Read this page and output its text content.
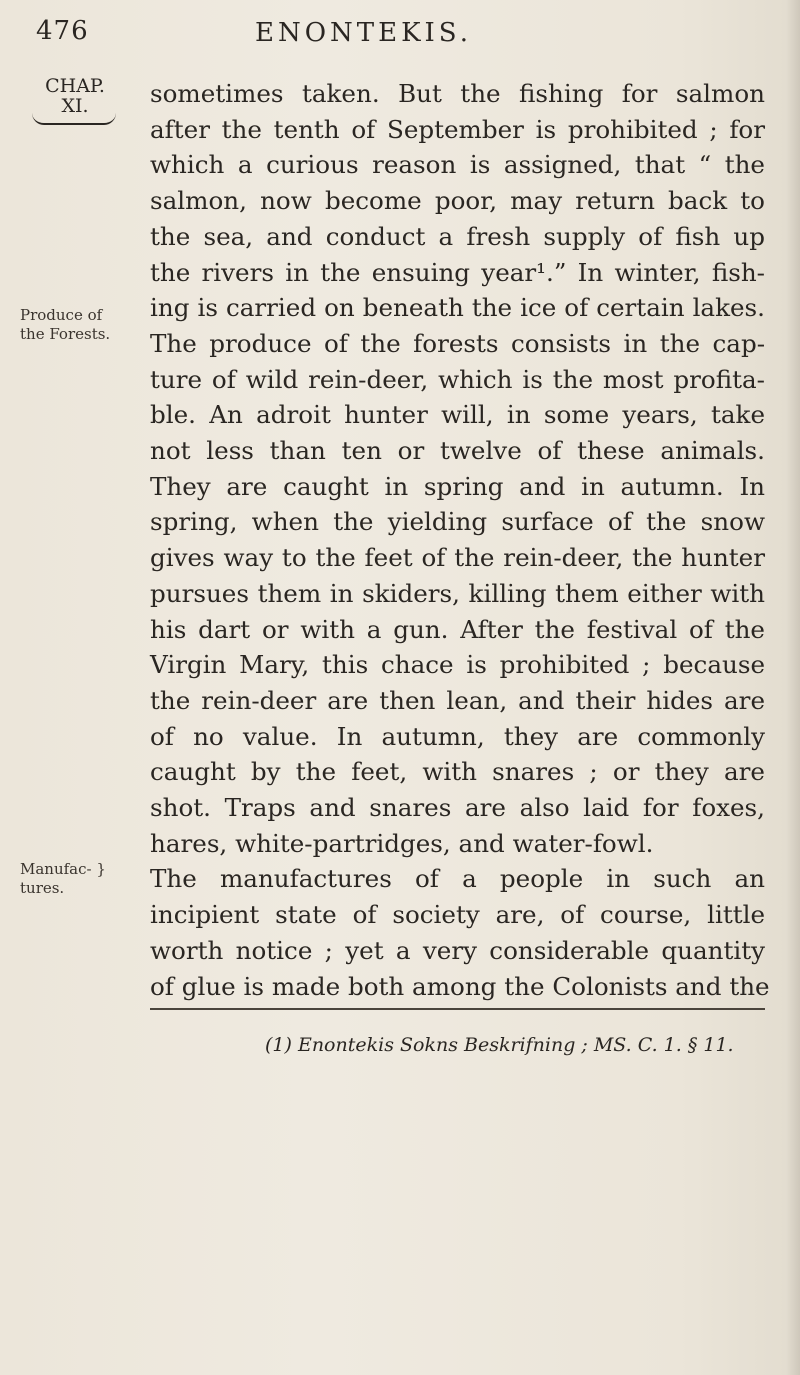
476	ENONTEKIS.
CHAP.
XI.
Produce of
the Forests.
Manufac- }
tures.
sometimes taken. But the fishing for salmon
after the tenth of September is prohibited ; for
which a curious reason is assigned, that “ the
salmon, now become poor, may return back to
the sea, and conduct a fresh supply of fish up
the rivers in the ensuing year¹.” In winter, fish-
ing is carried on beneath the ice of certain lakes.
The produce of the forests consists in the cap-
ture of wild rein-deer, which is the most profita-
ble. An adroit hunter will, in some years, take
not less than ten or twelve of these animals.
They are caught in spring and in autumn. In
spring, when the yielding surface of the snow
gives way to the feet of the rein-deer, the hunter
pursues them in skiders, killing them either with
his dart or with a gun. After the festival of the
Virgin Mary, this chace is prohibited ; because
the rein-deer are then lean, and their hides are
of no value. In autumn, they are commonly
caught by the feet, with snares ; or they are
shot. Traps and snares are also laid for foxes,
hares, white-partridges, and water-fowl.
The manufactures of a people in such an
incipient state of society are, of course, little
worth notice ; yet a very considerable quantity
of glue is made both among the Colonists and the
(1) Enontekis Sokns Beskrifning ; MS. C. 1. § 11.
